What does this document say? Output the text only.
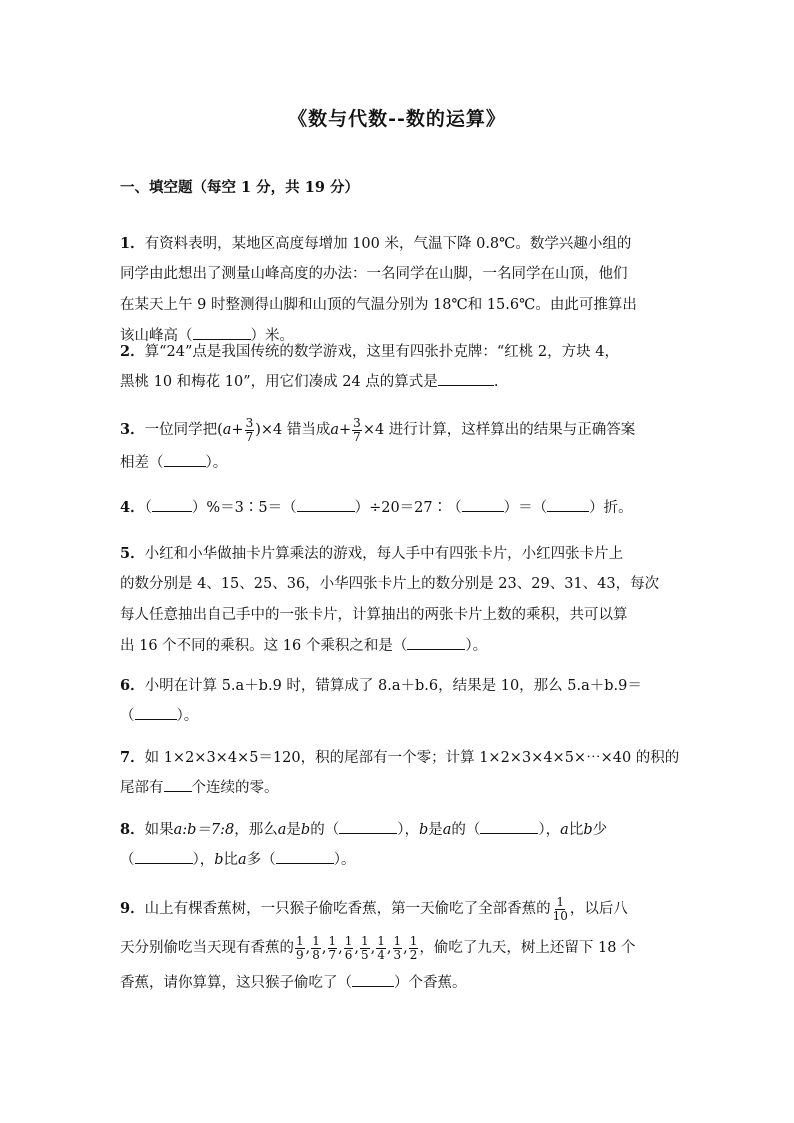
《数与代数--数的运算》
一、填空题（每空 1 分，共 19 分）
1．有资料表明，某地区高度每增加 100 米，气温下降 0.8℃。数学兴趣小组的
同学由此想出了测量山峰高度的办法：一名同学在山脚，一名同学在山顶，他们
在某天上午 9 时整测得山脚和山顶的气温分别为 18℃和 15.6℃。由此可推算出
该山峰高（	）米。
2．算“24”点是我国传统的数学游戏，这里有四张扑克牌：“红桃 2，方块 4，
黑桃 10 和梅花 10”，用它们凑成 24 点的算式是	.
3．一位同学把$(a+ \frac{3}{7} )\times 4$ 错当成$a+ \frac{3}{7} \times 4$ 进行计算，这样算出的结果与正确答案
相差（	）。
4．（	）%＝3∶5＝（	）÷20＝27∶（	）＝（	）折。
5．小红和小华做抽卡片算乘法的游戏，每人手中有四张卡片，小红四张卡片上
的数分别是 4、15、25、36，小华四张卡片上的数分别是 23、29、31、43，每次
每人任意抽出自己手中的一张卡片，计算抽出的两张卡片上数的乘积，共可以算
出 16 个不同的乘积。这 16 个乘积之和是（	）。
6．小明在计算 5.a＋b.9 时，错算成了 8.a＋b.6，结果是 10，那么 5.a＋b.9＝
（	）。
7．如 1×2×3×4×5＝120，积的尾部有一个零；计算 1×2×3×4×5×⋯×40 的积的
尾部有 个连续的零。
8．如果a:b＝7:8，那么a是b的（	），b是a的（	），a比b少
（	），b比a多（	）。
9．山上有棵香蕉树，一只猴子偷吃香蕉，第一天偷吃了全部香蕉的 $\frac{1}{10}$ ，以后八
天分别偷吃当天现有香蕉的 $\frac{1}{9}$ , $\frac{1}{8}$ , $\frac{1}{7}$ , $\frac{1}{6}$ , $\frac{1}{5}$ , $\frac{1}{4}$ , $\frac{1}{3}$ , $\frac{1}{2}$ ，偷吃了九天，树上还留下 18 个
香蕉，请你算算，这只猴子偷吃了（	）个香蕉。
